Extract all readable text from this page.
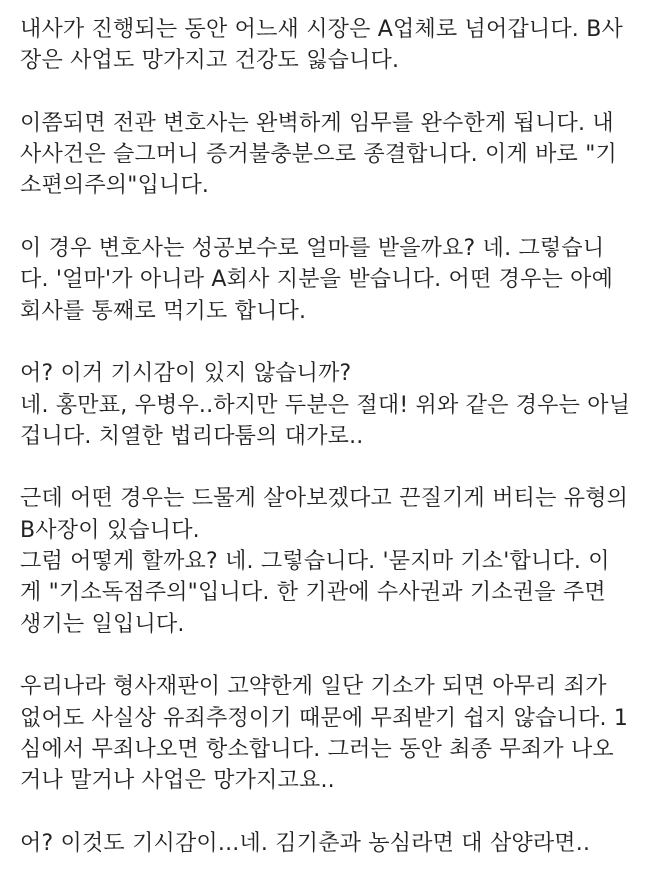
내사가 진행되는 동안 어느새 시장은 A업체로 넘어갑니다. B사
장은 사업도 망가지고 건강도 잃습니다.
이쯤되면 전관 변호사는 완벽하게 임무를 완수한게 됩니다. 내
사사건은 슬그머니 증거불충분으로 종결합니다. 이게 바로 "기
소편의주의"입니다.
이 경우 변호사는 성공보수로 얼마를 받을까요? 네. 그렇습니
다. '얼마'가 아니라 A회사 지분을 받습니다. 어떤 경우는 아예
회사를 통째로 먹기도 합니다.
어? 이거 기시감이 있지 않습니까?
네. 홍만표, 우병우..하지만 두분은 절대! 위와 같은 경우는 아닐
겁니다. 치열한 법리다툼의 대가로..
근데 어떤 경우는 드물게 살아보겠다고 끈질기게 버티는 유형의
B사장이 있습니다.
그럼 어떻게 할까요? 네. 그렇습니다. '묻지마 기소'합니다. 이
게 "기소독점주의"입니다. 한 기관에 수사권과 기소권을 주면
생기는 일입니다.
우리나라 형사재판이 고약한게 일단 기소가 되면 아무리 죄가
없어도 사실상 유죄추정이기 때문에 무죄받기 쉽지 않습니다. 1
심에서 무죄나오면 항소합니다. 그러는 동안 최종 무죄가 나오
거나 말거나 사업은 망가지고요..
어? 이것도 기시감이...네. 김기춘과 농심라면 대 삼양라면..
